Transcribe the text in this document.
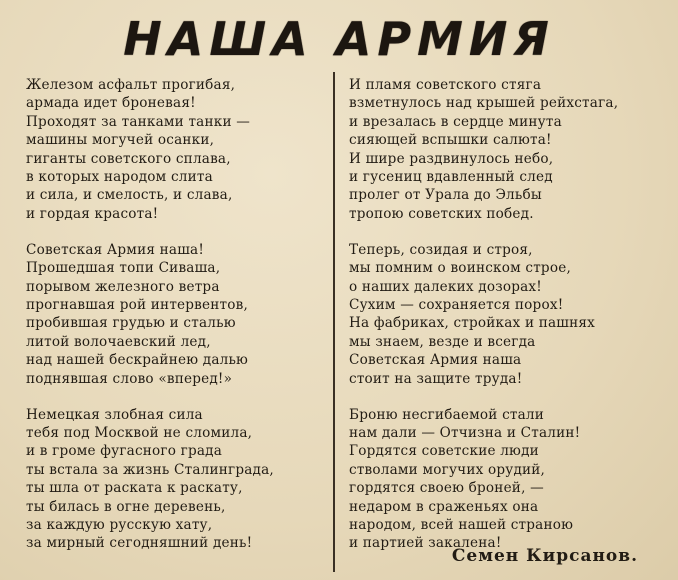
НАША АРМИЯ
Железом асфальт прогибая,
армада идет броневая!
Проходят за танками танки —
машины могучей осанки,
гиганты советского сплава,
в которых народом слита
и сила, и смелость, и слава,
и гордая красота!
Советская Армия наша!
Прошедшая топи Сиваша,
порывом железного ветра
прогнавшая рой интервентов,
пробившая грудью и сталью
литой волочаевский лед,
над нашей бескрайнею далью
поднявшая слово «вперед!»
Немецкая злобная сила
тебя под Москвой не сломила,
и в громе фугасного града
ты встала за жизнь Сталинграда,
ты шла от раската к раскату,
ты билась в огне деревень,
за каждую русскую хату,
за мирный сегодняшний день!
И пламя советского стяга
взметнулось над крышей рейхстага,
и врезалась в сердце минута
сияющей вспышки салюта!
И шире раздвинулось небо,
и гусениц вдавленный след
пролег от Урала до Эльбы
тропою советских побед.
Теперь, созидая и строя,
мы помним о воинском строе,
о наших далеких дозорах!
Сухим — сохраняется порох!
На фабриках, стройках и пашнях
мы знаем, везде и всегда
Советская Армия наша
стоит на защите труда!
Броню несгибаемой стали
нам дали — Отчизна и Сталин!
Гордятся советские люди
стволами могучих орудий,
гордятся своею броней, —
недаром в сраженьях она
народом, всей нашей страною
и партией закалена!
Семен Кирсанов.
